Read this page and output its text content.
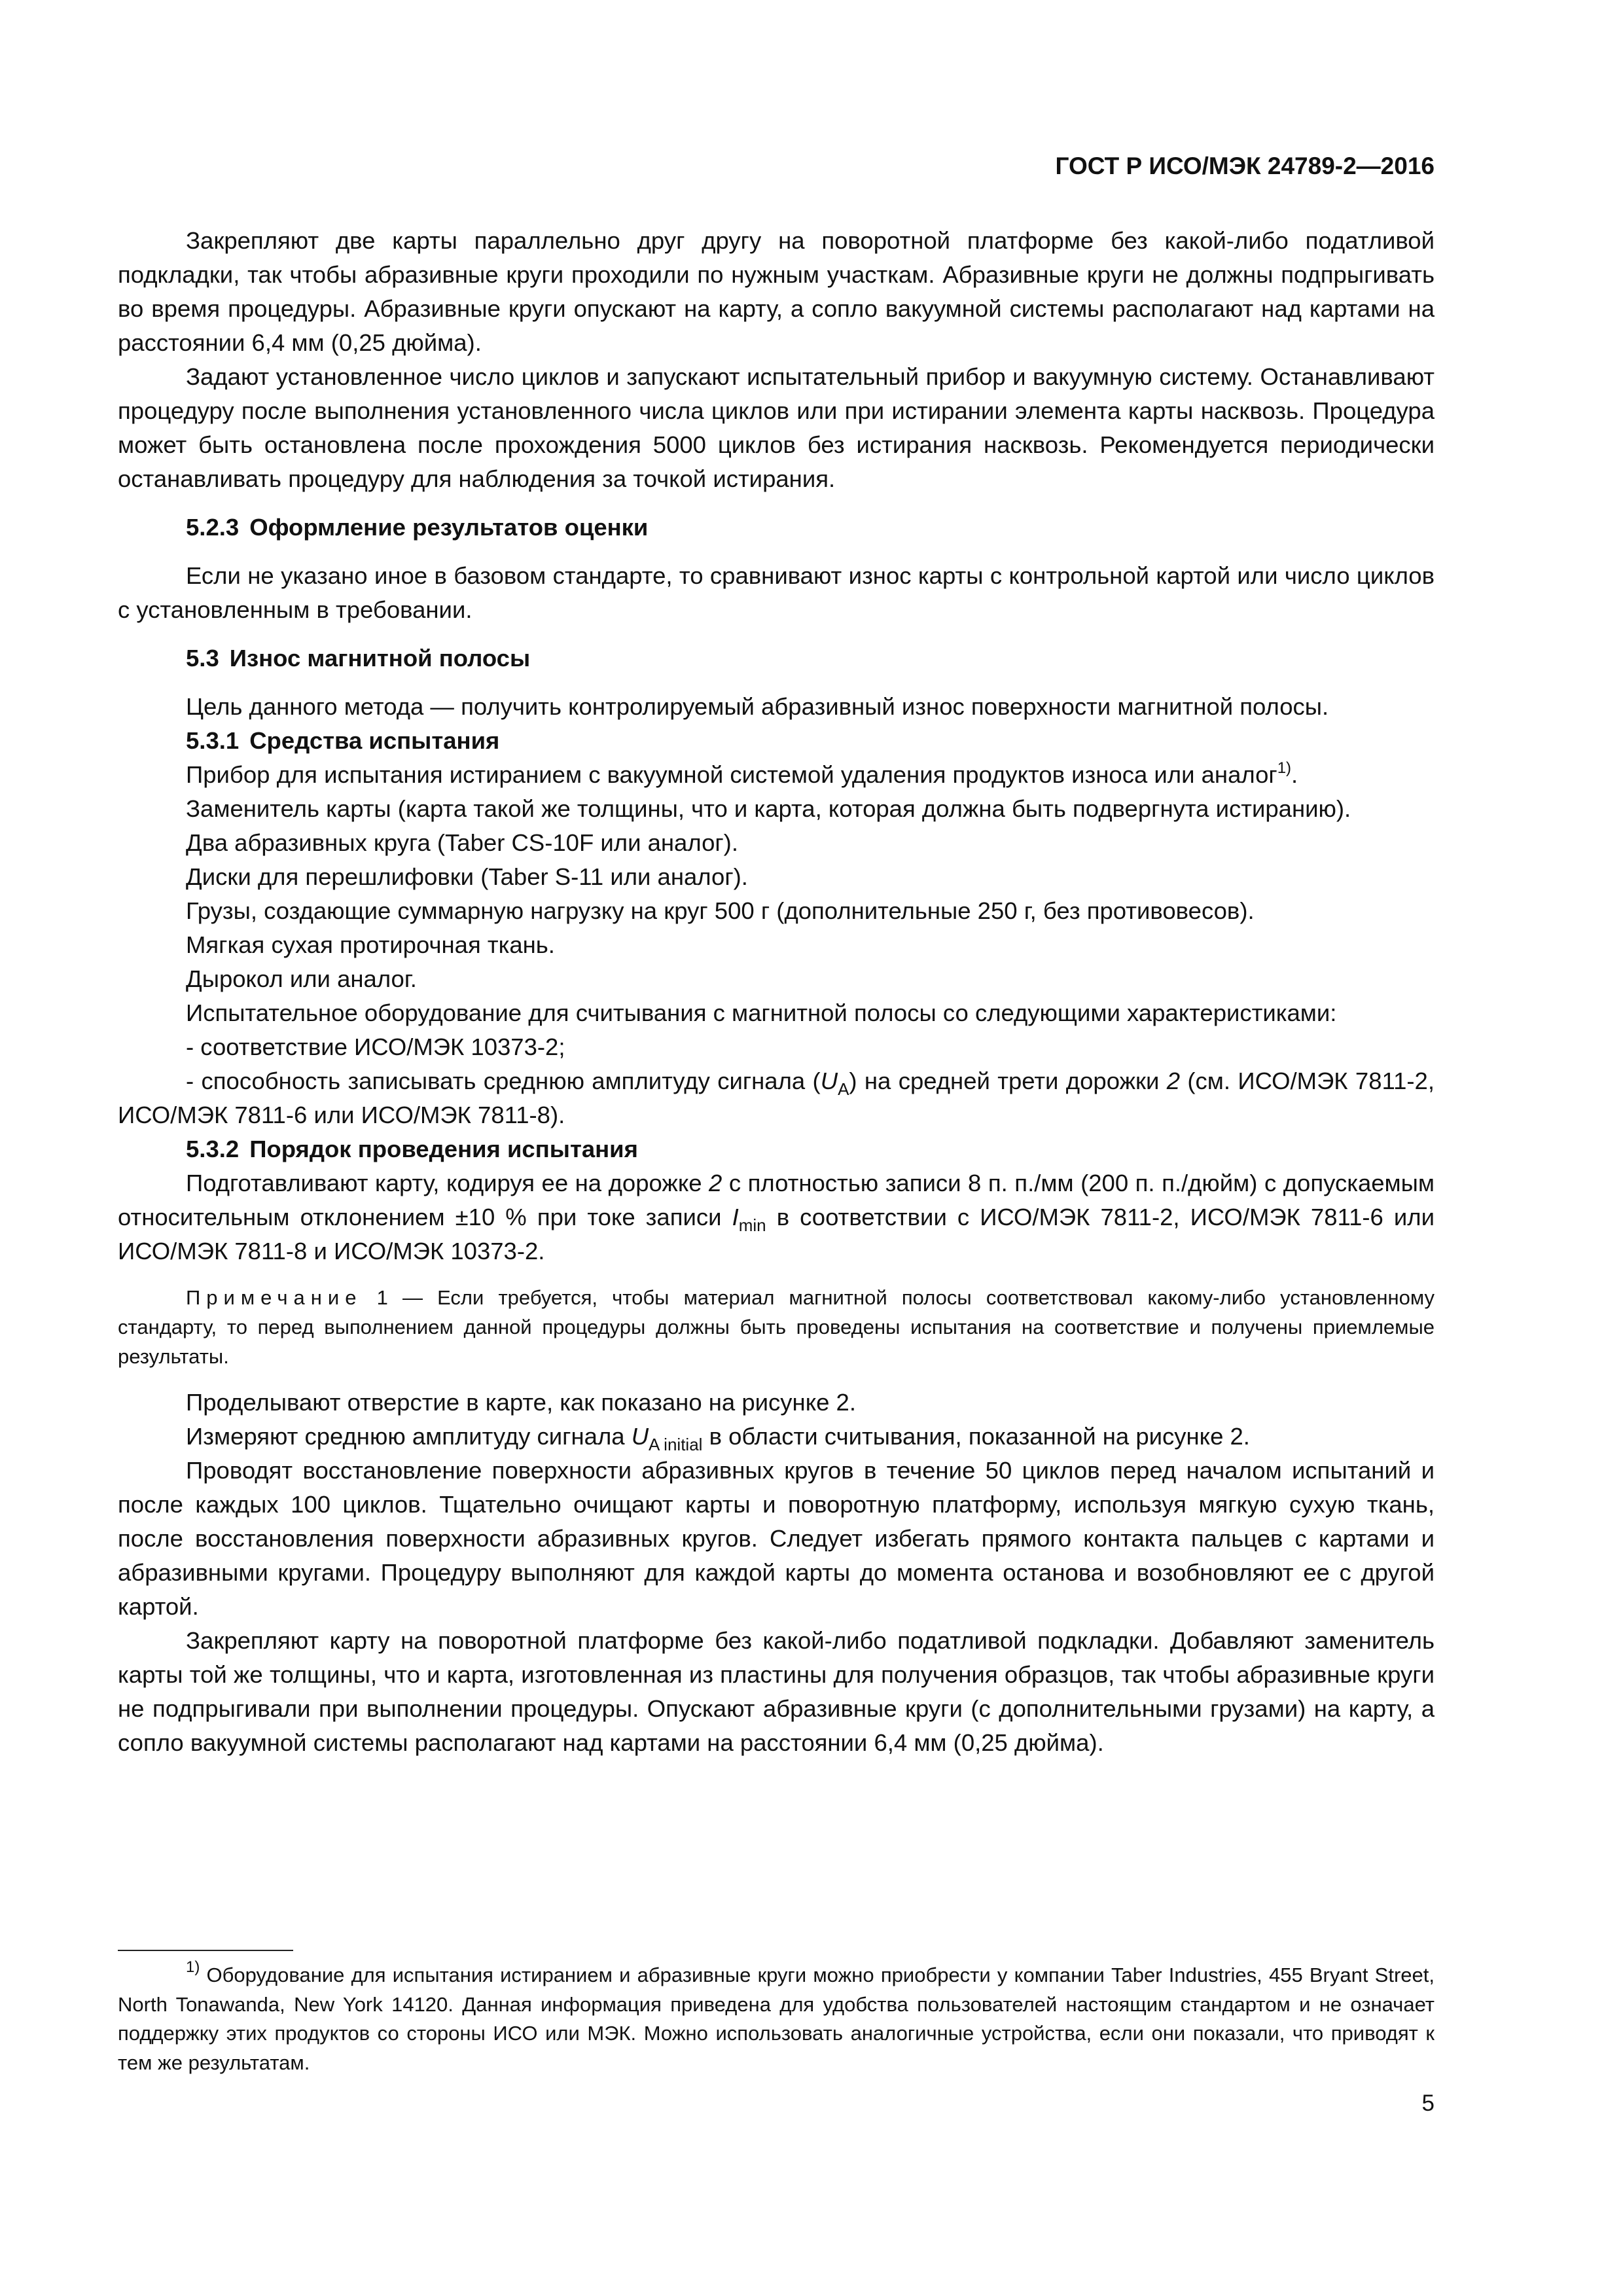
ГОСТ Р ИСО/МЭК 24789-2—2016

Закрепляют две карты параллельно друг другу на поворотной платформе без какой-либо податливой подкладки, так чтобы абразивные круги проходили по нужным участкам. Абразивные круги не должны подпрыгивать во время процедуры. Абразивные круги опускают на карту, а сопло вакуумной системы располагают над картами на расстоянии 6,4 мм (0,25 дюйма).

Задают установленное число циклов и запускают испытательный прибор и вакуумную систему. Останавливают процедуру после выполнения установленного числа циклов или при истирании элемента карты насквозь. Процедура может быть остановлена после прохождения 5000 циклов без истирания насквозь. Рекомендуется периодически останавливать процедуру для наблюдения за точкой истирания.

5.2.3 Оформление результатов оценки

Если не указано иное в базовом стандарте, то сравнивают износ карты с контрольной картой или число циклов с установленным в требовании.

5.3 Износ магнитной полосы

Цель данного метода — получить контролируемый абразивный износ поверхности магнитной полосы.

5.3.1 Средства испытания

Прибор для испытания истиранием с вакуумной системой удаления продуктов износа или аналог$^{1)}$.

Заменитель карты (карта такой же толщины, что и карта, которая должна быть подвергнута истиранию).

Два абразивных круга (Taber CS-10F или аналог).

Диски для перешлифовки (Taber S-11 или аналог).

Грузы, создающие суммарную нагрузку на круг 500 г (дополнительные 250 г, без противовесов).

Мягкая сухая протирочная ткань.

Дырокол или аналог.

Испытательное оборудование для считывания с магнитной полосы со следующими характеристиками:

- соответствие ИСО/МЭК 10373-2;

- способность записывать среднюю амплитуду сигнала $(U_A)$ на средней трети дорожки 2 (см. ИСО/МЭК 7811-2, ИСО/МЭК 7811-6 или ИСО/МЭК 7811-8).

5.3.2 Порядок проведения испытания

Подготавливают карту, кодируя ее на дорожке 2 с плотностью записи 8 п. п./мм (200 п. п./дюйм) с допускаемым относительным отклонением ±10 % при токе записи $I_{min}$ в соответствии с ИСО/МЭК 7811-2, ИСО/МЭК 7811-6 или ИСО/МЭК 7811-8 и ИСО/МЭК 10373-2.

Примечание 1 — Если требуется, чтобы материал магнитной полосы соответствовал какому-либо установленному стандарту, то перед выполнением данной процедуры должны быть проведены испытания на соответствие и получены приемлемые результаты.

Проделывают отверстие в карте, как показано на рисунке 2.

Измеряют среднюю амплитуду сигнала $U_{A initial}$ в области считывания, показанной на рисунке 2.

Проводят восстановление поверхности абразивных кругов в течение 50 циклов перед началом испытаний и после каждых 100 циклов. Тщательно очищают карты и поворотную платформу, используя мягкую сухую ткань, после восстановления поверхности абразивных кругов. Следует избегать прямого контакта пальцев с картами и абразивными кругами. Процедуру выполняют для каждой карты до момента останова и возобновляют ее с другой картой.

Закрепляют карту на поворотной платформе без какой-либо податливой подкладки. Добавляют заменитель карты той же толщины, что и карта, изготовленная из пластины для получения образцов, так чтобы абразивные круги не подпрыгивали при выполнении процедуры. Опускают абразивные круги (с дополнительными грузами) на карту, а сопло вакуумной системы располагают над картами на расстоянии 6,4 мм (0,25 дюйма).

$^{1)}$ Оборудование для испытания истиранием и абразивные круги можно приобрести у компании Taber Industries, 455 Bryant Street, North Tonawanda, New York 14120. Данная информация приведена для удобства пользователей настоящим стандартом и не означает поддержку этих продуктов со стороны ИСО или МЭК. Можно использовать аналогичные устройства, если они показали, что приводят к тем же результатам.
5
